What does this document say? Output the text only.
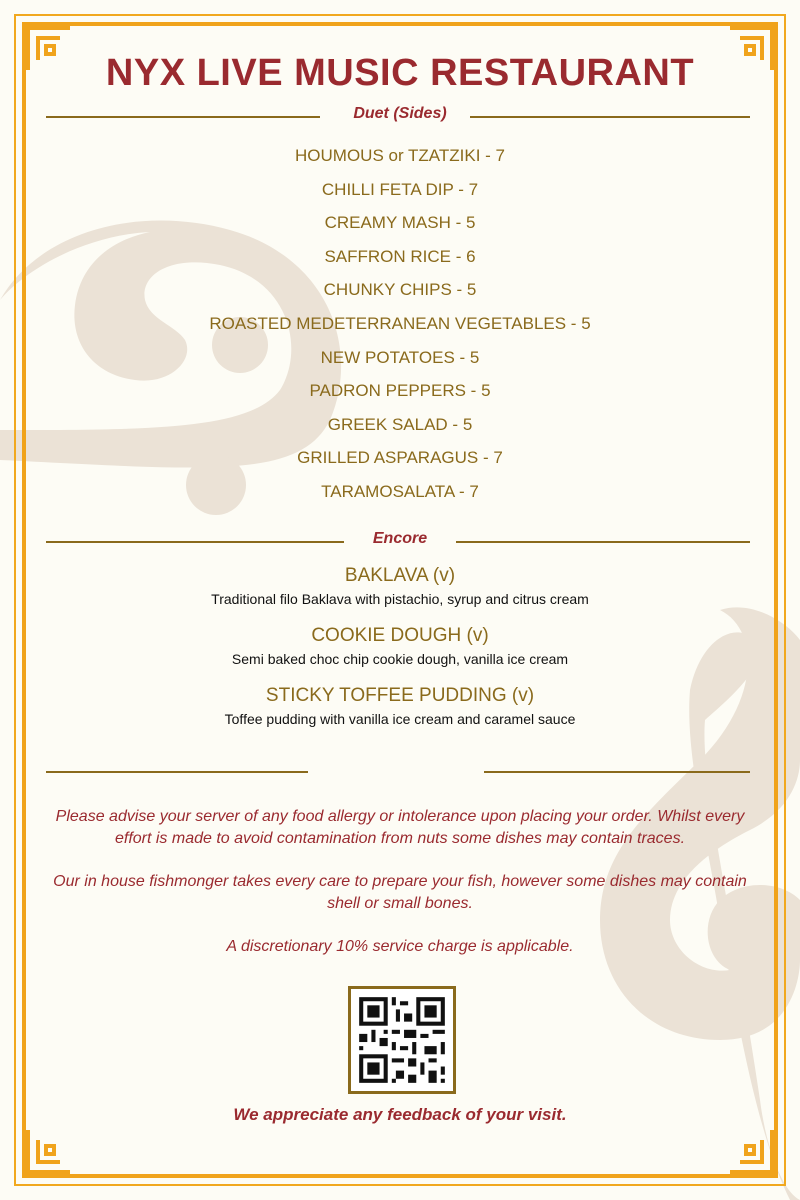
NYX LIVE MUSIC RESTAURANT
Duet (Sides)
HOUMOUS or TZATZIKI - 7
CHILLI FETA DIP - 7
CREAMY MASH - 5
SAFFRON RICE - 6
CHUNKY CHIPS - 5
ROASTED MEDETERRANEAN VEGETABLES - 5
NEW POTATOES - 5
PADRON PEPPERS - 5
GREEK SALAD - 5
GRILLED ASPARAGUS - 7
TARAMOSALATA - 7
Encore
BAKLAVA (v)
Traditional filo Baklava with pistachio, syrup and citrus cream
COOKIE DOUGH (v)
Semi baked choc chip cookie dough, vanilla ice cream
STICKY TOFFEE PUDDING (v)
Toffee pudding with vanilla ice cream and caramel sauce

Please advise your server of any food allergy or intolerance upon placing your order. Whilst every effort is made to avoid contamination from nuts some dishes may contain traces.

Our in house fishmonger takes every care to prepare your fish, however some dishes may contain shell or small bones.

A discretionary 10% service charge is applicable.

We appreciate any feedback of your visit.
